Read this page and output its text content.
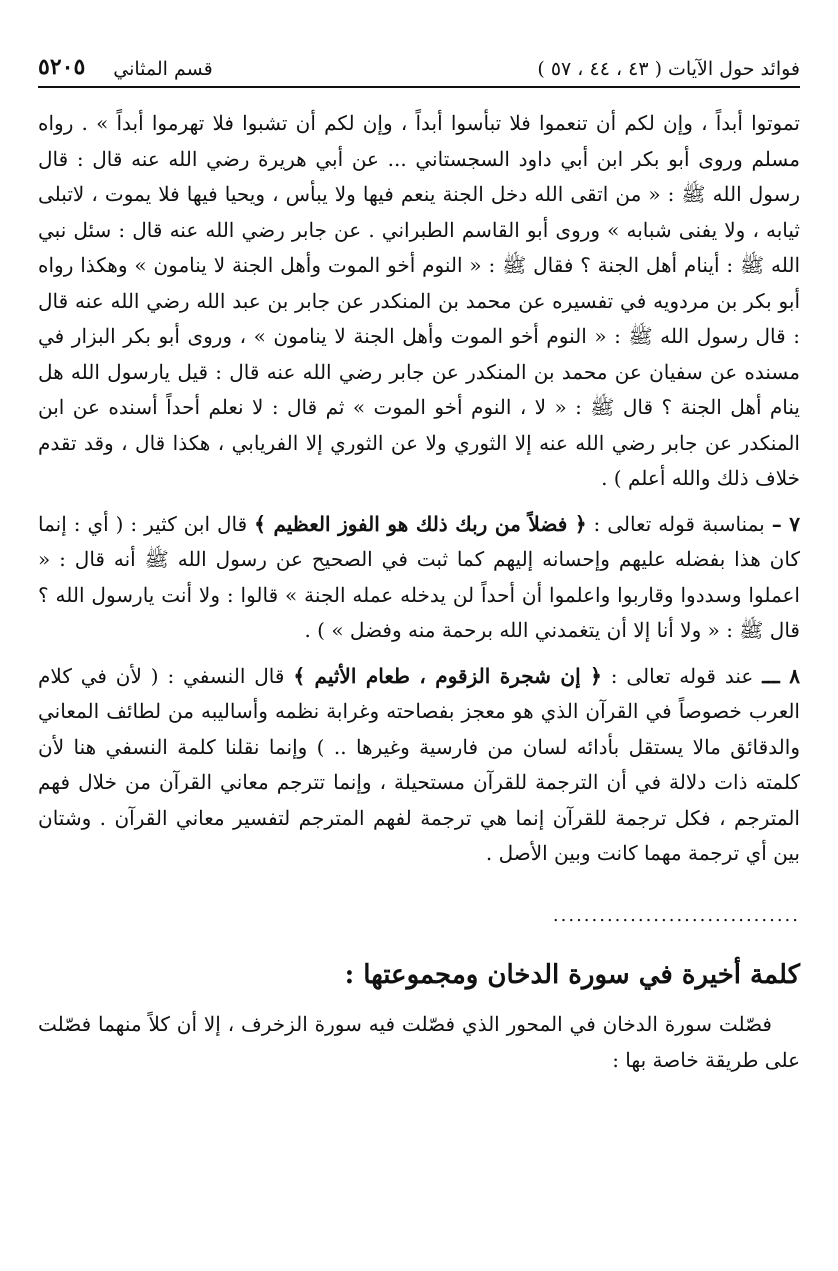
٥٢٠٥ قسم المثاني	فوائد حول الآيات ( ٤٣ ، ٤٤ ، ٥٧ )

تموتوا أبداً ، وإن لكم أن تنعموا فلا تبأسوا أبداً ، وإن لكم أن تشبوا فلا تهرموا أبداً » . رواه مسلم وروى أبو بكر ابن أبي داود السجستاني ... عن أبي هريرة رضي الله عنه قال : قال رسول الله ﷺ : « من اتقى الله دخل الجنة ينعم فيها ولا يبأس ، ويحيا فيها فلا يموت ، لاتبلى ثيابه ، ولا يفنى شبابه » وروى أبو القاسم الطبراني . عن جابر رضي الله عنه قال : سئل نبي الله ﷺ : أينام أهل الجنة ؟ فقال ﷺ : « النوم أخو الموت وأهل الجنة لا ينامون » وهكذا رواه أبو بكر بن مردويه في تفسيره عن محمد بن المنكدر عن جابر بن عبد الله رضي الله عنه قال : قال رسول الله ﷺ : « النوم أخو الموت وأهل الجنة لا ينامون » ، وروى أبو بكر البزار في مسنده عن سفيان عن محمد بن المنكدر عن جابر رضي الله عنه قال : قيل يارسول الله هل ينام أهل الجنة ؟ قال ﷺ : « لا ، النوم أخو الموت » ثم قال : لا نعلم أحداً أسنده عن ابن المنكدر عن جابر رضي الله عنه إلا الثوري ولا عن الثوري إلا الفريابي ، هكذا قال ، وقد تقدم خلاف ذلك والله أعلم ) .

٧ – بمناسبة قوله تعالى : ﴿ فضلاً من ربك ذلك هو الفوز العظيم ﴾ قال ابن كثير : ( أي : إنما كان هذا بفضله عليهم وإحسانه إليهم كما ثبت في الصحيح عن رسول الله ﷺ أنه قال : « اعملوا وسددوا وقاربوا واعلموا أن أحداً لن يدخله عمله الجنة » قالوا : ولا أنت يارسول الله ؟ قال ﷺ : « ولا أنا إلا أن يتغمدني الله برحمة منه وفضل » ) .

٨ ـــ عند قوله تعالى : ﴿ إن شجرة الزقوم ، طعام الأثيم ﴾ قال النسفي : ( لأن في كلام العرب خصوصاً في القرآن الذي هو معجز بفصاحته وغرابة نظمه وأساليبه من لطائف المعاني والدقائق مالا يستقل بأدائه لسان من فارسية وغيرها .. ) وإنما نقلنا كلمة النسفي هنا لأن كلمته ذات دلالة في أن الترجمة للقرآن مستحيلة ، وإنما تترجم معاني القرآن من خلال فهم المترجم ، فكل ترجمة للقرآن إنما هي ترجمة لفهم المترجم لتفسير معاني القرآن . وشتان بين أي ترجمة مهما كانت وبين الأصل .

................................
كلمة أخيرة في سورة الدخان ومجموعتها :

فصّلت سورة الدخان في المحور الذي فصّلت فيه سورة الزخرف ، إلا أن كلاً منهما فصّلت على طريقة خاصة بها :
